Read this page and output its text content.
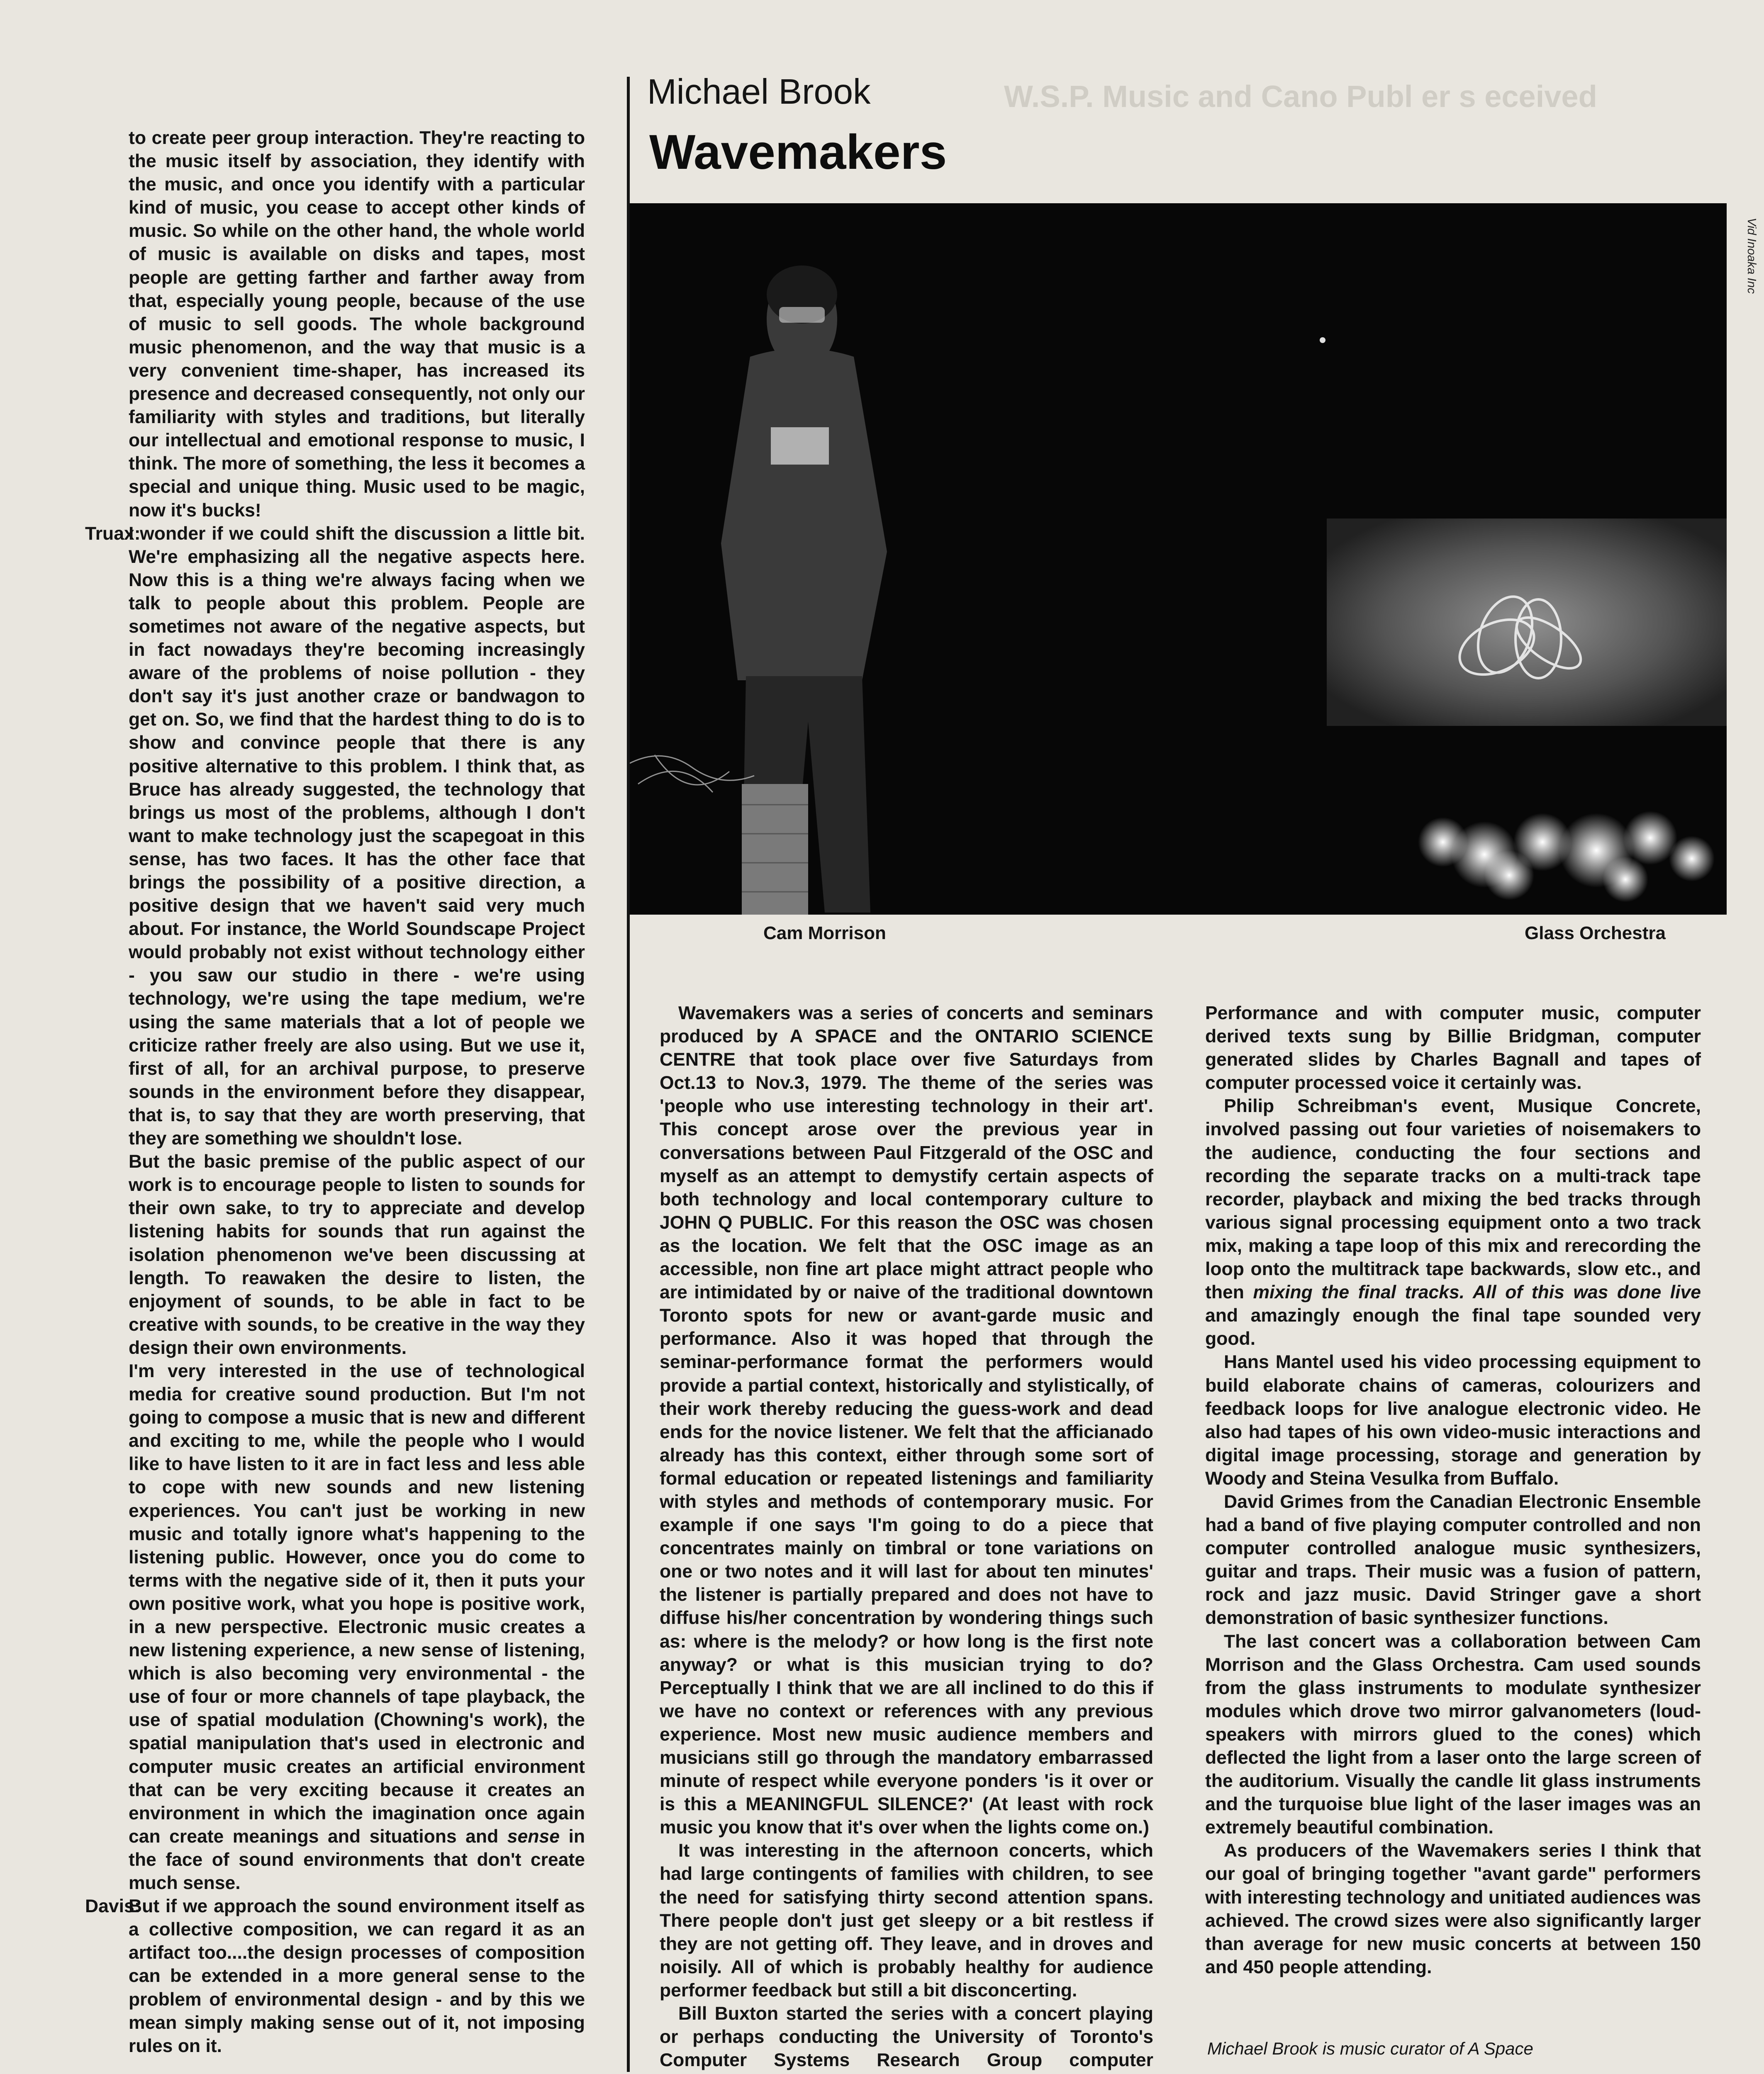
to create peer group interaction. They're reacting to the music itself by association, they identify with the music, and once you identify with a particular kind of music, you cease to accept other kinds of music. So while on the other hand, the whole world of music is available on disks and tapes, most people are getting farther and farther away from that, especially young people, because of the use of music to sell goods. The whole background music phenomenon, and the way that music is a very convenient time-shaper, has increased its presence and decreased consequently, not only our familiarity with styles and traditions, but literally our intellectual and emotional response to music, I think. The more of something, the less it becomes a special and unique thing. Music used to be magic, now it's bucks!

Truax:
I wonder if we could shift the discussion a little bit. We're emphasizing all the negative aspects here. Now this is a thing we're always facing when we talk to people about this problem. People are sometimes not aware of the negative aspects, but in fact nowadays they're becoming increasingly aware of the problems of noise pollution - they don't say it's just another craze or bandwagon to get on. So, we find that the hardest thing to do is to show and convince people that there is any positive alternative to this problem. I think that, as Bruce has already suggested, the technology that brings us most of the problems, although I don't want to make technology just the scapegoat in this sense, has two faces. It has the other face that brings the possibility of a positive direction, a positive design that we haven't said very much about. For instance, the World Soundscape Project would probably not exist without technology either - you saw our studio in there - we're using technology, we're using the tape medium, we're using the same materials that a lot of people we criticize rather freely are also using. But we use it, first of all, for an archival purpose, to preserve sounds in the environment before they disappear, that is, to say that they are worth preserving, that they are something we shouldn't lose.

But the basic premise of the public aspect of our work is to encourage people to listen to sounds for their own sake, to try to appreciate and develop listening habits for sounds that run against the isolation phenomenon we've been discussing at length. To reawaken the desire to listen, the enjoyment of sounds, to be able in fact to be creative with sounds, to be creative in the way they design their own environments.

I'm very interested in the use of technological media for creative sound production. But I'm not going to compose a music that is new and different and exciting to me, while the people who I would like to have listen to it are in fact less and less able to cope with new sounds and new listening experiences. You can't just be working in new music and totally ignore what's happening to the listening public. However, once you do come to terms with the negative side of it, then it puts your own positive work, what you hope is positive work, in a new perspective. Electronic music creates a new listening experience, a new sense of listening, which is also becoming very environmental - the use of four or more channels of tape playback, the use of spatial modulation (Chowning's work), the spatial manipulation that's used in electronic and computer music creates an artificial environment that can be very exciting because it creates an environment in which the imagination once again can create meanings and situations and sense in the face of sound environments that don't create much sense.

Davis:
But if we approach the sound environment itself as a collective composition, we can regard it as an artifact too....the design processes of composition can be extended in a more general sense to the problem of environmental design - and by this we mean simply making sense out of it, not imposing rules on it.

W.S.P. Music and Cano Publ er s eceived
Michael Brook
Wavemakers
Vid Inoaka Inc
Cam Morrison	Glass Orchestra

Wavemakers was a series of concerts and seminars produced by A SPACE and the ONTARIO SCIENCE CENTRE that took place over five Saturdays from Oct.13 to Nov.3, 1979. The theme of the series was 'people who use interesting technology in their art'. This concept arose over the previous year in conversations between Paul Fitzgerald of the OSC and myself as an attempt to demystify certain aspects of both technology and local contemporary culture to JOHN Q PUBLIC. For this reason the OSC was chosen as the location. We felt that the OSC image as an accessible, non fine art place might attract people who are intimidated by or naive of the traditional downtown Toronto spots for new or avant-garde music and performance. Also it was hoped that through the seminar-performance format the performers would provide a partial context, historically and stylistically, of their work thereby reducing the guess-work and dead ends for the novice listener. We felt that the afficianado already has this context, either through some sort of formal education or repeated listenings and familiarity with styles and methods of contemporary music. For example if one says 'I'm going to do a piece that concentrates mainly on timbral or tone variations on one or two notes and it will last for about ten minutes' the listener is partially prepared and does not have to diffuse his/her concentration by wondering things such as: where is the melody? or how long is the first note anyway? or what is this musician trying to do? Perceptually I think that we are all inclined to do this if we have no context or references with any previous experience. Most new music audience members and musicians still go through the mandatory embarrassed minute of respect while everyone ponders 'is it over or is this a MEANINGFUL SILENCE?' (At least with rock music you know that it's over when the lights come on.)

It was interesting in the afternoon concerts, which had large contingents of families with children, to see the need for satisfying thirty second attention spans. There people don't just get sleepy or a bit restless if they are not getting off. They leave, and in droves and noisily. All of which is probably healthy for audience performer feedback but still a bit disconcerting.

Bill Buxton started the series with a concert playing or perhaps conducting the University of Toronto's Computer Systems Research Group computer

Performance and with computer music, computer derived texts sung by Billie Bridgman, computer generated slides by Charles Bagnall and tapes of computer processed voice it certainly was.

Philip Schreibman's event, Musique Concrete, involved passing out four varieties of noisemakers to the audience, conducting the four sections and recording the separate tracks on a multi-track tape recorder, playback and mixing the bed tracks through various signal processing equipment onto a two track mix, making a tape loop of this mix and rerecording the loop onto the multitrack tape backwards, slow etc., and then mixing the final tracks. All of this was done live and amazingly enough the final tape sounded very good.

Hans Mantel used his video processing equipment to build elaborate chains of cameras, colourizers and feedback loops for live analogue electronic video. He also had tapes of his own video-music interactions and digital image processing, storage and generation by Woody and Steina Vesulka from Buffalo.

David Grimes from the Canadian Electronic Ensemble had a band of five playing computer controlled and non computer controlled analogue music synthesizers, guitar and traps. Their music was a fusion of pattern, rock and jazz music. David Stringer gave a short demonstration of basic synthesizer functions.

The last concert was a collaboration between Cam Morrison and the Glass Orchestra. Cam used sounds from the glass instruments to modulate synthesizer modules which drove two mirror galvanometers (loud-speakers with mirrors glued to the cones) which deflected the light from a laser onto the large screen of the auditorium. Visually the candle lit glass instruments and the turquoise blue light of the laser images was an extremely beautiful combination.

As producers of the Wavemakers series I think that our goal of bringing together "avant garde" performers with interesting technology and unitiated audiences was achieved. The crowd sizes were also significantly larger than average for new music concerts at between 150 and 450 people attending.

Michael Brook is music curator of A Space
